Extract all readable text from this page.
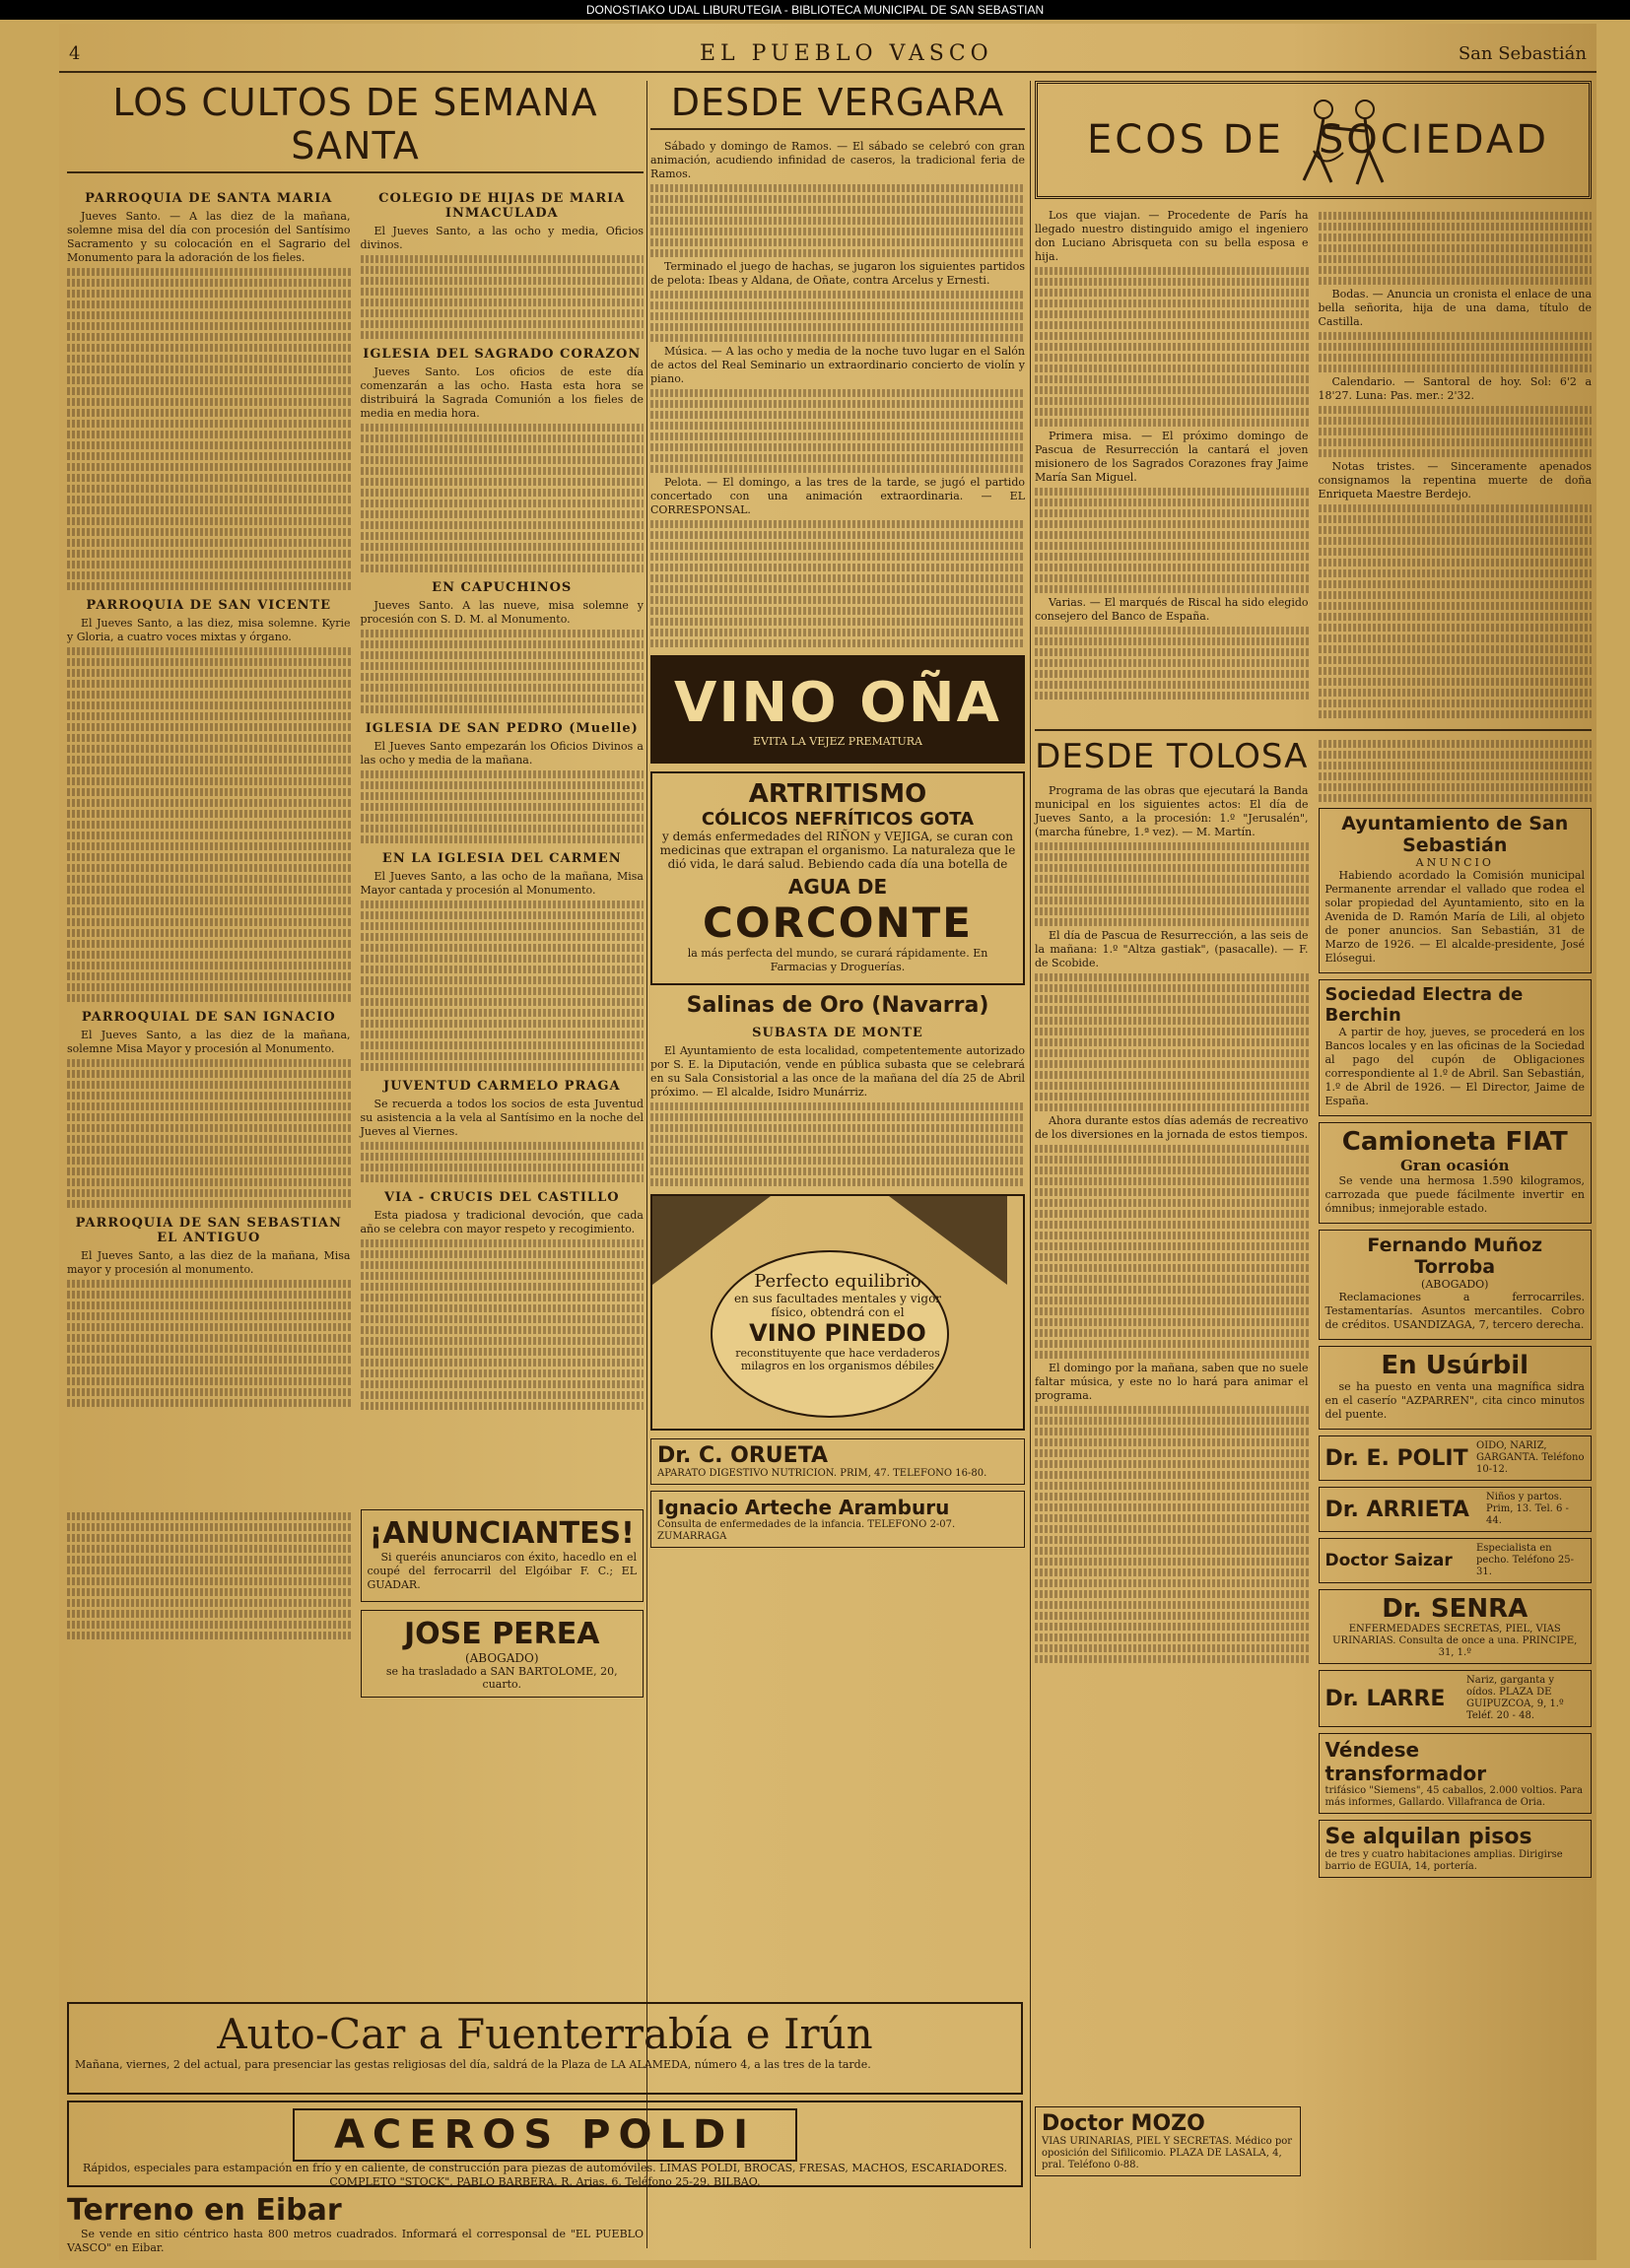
DONOSTIAKO UDAL LIBURUTEGIA - BIBLIOTECA MUNICIPAL DE SAN SEBASTIAN
4	EL PUEBLO VASCO	San Sebastián
LOS CULTOS DE SEMANA SANTA
PARROQUIA DE SANTA MARIA

Jueves Santo. — A las diez de la mañana, solemne misa del día con procesión del Santísimo Sacramento y su colocación en el Sagrario del Monumento para la adoración de los fieles.

PARROQUIA DE SAN VICENTE

El Jueves Santo, a las diez, misa solemne. Kyrie y Gloria, a cuatro voces mixtas y órgano.

PARROQUIAL DE SAN IGNACIO

El Jueves Santo, a las diez de la mañana, solemne Misa Mayor y procesión al Monumento.

PARROQUIA DE SAN SEBASTIAN EL ANTIGUO

El Jueves Santo, a las diez de la mañana, Misa mayor y procesión al monumento.

COLEGIO DE HIJAS DE MARIA INMACULADA

El Jueves Santo, a las ocho y media, Oficios divinos.

IGLESIA DEL SAGRADO CORAZON

Jueves Santo. Los oficios de este día comenzarán a las ocho. Hasta esta hora se distribuirá la Sagrada Comunión a los fieles de media en media hora.

EN CAPUCHINOS

Jueves Santo. A las nueve, misa solemne y procesión con S. D. M. al Monumento.

IGLESIA DE SAN PEDRO (Muelle)

El Jueves Santo empezarán los Oficios Divinos a las ocho y media de la mañana.

EN LA IGLESIA DEL CARMEN

El Jueves Santo, a las ocho de la mañana, Misa Mayor cantada y procesión al Monumento.

JUVENTUD CARMELO PRAGA

Se recuerda a todos los socios de esta Juventud su asistencia a la vela al Santísimo en la noche del Jueves al Viernes.

VIA - CRUCIS DEL CASTILLO

Esta piadosa y tradicional devoción, que cada año se celebra con mayor respeto y recogimiento.

¡ANUNCIANTES!

Si queréis anunciaros con éxito, hacedlo en el coupé del ferrocarril del Elgóibar F. C.; EL GUADAR.

JOSE PEREA
(ABOGADO)
se ha trasladado a SAN BARTOLOME, 20, cuarto.
Auto-Car a Fuenterrabía e Irún

Mañana, viernes, 2 del actual, para presenciar las gestas religiosas del día, saldrá de la Plaza de LA ALAMEDA, número 4, a las tres de la tarde.

ACEROS POLDI

Rápidos, especiales para estampación en frío y en caliente, de construcción para piezas de automóviles. LIMAS POLDI, BROCAS, FRESAS, MACHOS, ESCARIADORES. COMPLETO "STOCK". PABLO BARBERA, R. Arias, 6. Teléfono 25-29. BILBAO.

Terreno en Eibar

Se vende en sitio céntrico hasta 800 metros cuadrados. Informará el corresponsal de "EL PUEBLO VASCO" en Eibar.

DESDE VERGARA

Sábado y domingo de Ramos. — El sábado se celebró con gran animación, acudiendo infinidad de caseros, la tradicional feria de Ramos.

Terminado el juego de hachas, se jugaron los siguientes partidos de pelota: Ibeas y Aldana, de Oñate, contra Arcelus y Ernesti.

Música. — A las ocho y media de la noche tuvo lugar en el Salón de actos del Real Seminario un extraordinario concierto de violín y piano.

Pelota. — El domingo, a las tres de la tarde, se jugó el partido concertado con una animación extraordinaria. — EL CORRESPONSAL.

VINO OÑA
EVITA LA VEJEZ PREMATURA
ARTRITISMO
CÓLICOS NEFRÍTICOS GOTA

y demás enfermedades del RIÑON y VEJIGA, se curan con medicinas que extrapan el organismo. La naturaleza que le dió vida, le dará salud. Bebiendo cada día una botella de

AGUA DE
CORCONTE

la más perfecta del mundo, se curará rápidamente. En Farmacias y Droguerías.

Salinas de Oro (Navarra)
SUBASTA DE MONTE

El Ayuntamiento de esta localidad, competentemente autorizado por S. E. la Diputación, vende en pública subasta que se celebrará en su Sala Consistorial a las once de la mañana del día 25 de Abril próximo. — El alcalde, Isidro Munárriz.

Perfecto equilibrio
en sus facultades mentales y vigor físico, obtendrá con el
VINO PINEDO
reconstituyente que hace verdaderos milagros en los organismos débiles
Dr. C. ORUETA
APARATO DIGESTIVO NUTRICION. PRIM, 47. TELEFONO 16-80.
Ignacio Arteche Aramburu
Consulta de enfermedades de la infancia. TELEFONO 2-07. ZUMARRAGA
ECOS DE SOCIEDAD

Los que viajan. — Procedente de París ha llegado nuestro distinguido amigo el ingeniero don Luciano Abrisqueta con su bella esposa e hija.

Primera misa. — El próximo domingo de Pascua de Resurrección la cantará el joven misionero de los Sagrados Corazones fray Jaime María San Miguel.

Varias. — El marqués de Riscal ha sido elegido consejero del Banco de España.

Bodas. — Anuncia un cronista el enlace de una bella señorita, hija de una dama, título de Castilla.

Calendario. — Santoral de hoy. Sol: 6'2 a 18'27. Luna: Pas. mer.: 2'32.

Notas tristes. — Sinceramente apenados consignamos la repentina muerte de doña Enriqueta Maestre Berdejo.

DESDE TOLOSA

Programa de las obras que ejecutará la Banda municipal en los siguientes actos: El día de Jueves Santo, a la procesión: 1.º "Jerusalén", (marcha fúnebre, 1.ª vez). — M. Martín.

El día de Pascua de Resurrección, a las seis de la mañana: 1.º "Altza gastiak", (pasacalle). — F. de Scobide.

Ahora durante estos días además de recreativo de los diversiones en la jornada de estos tiempos.

El domingo por la mañana, saben que no suele faltar música, y este no lo hará para animar el programa.

Ayuntamiento de San Sebastián
ANUNCIO

Habiendo acordado la Comisión municipal Permanente arrendar el vallado que rodea el solar propiedad del Ayuntamiento, sito en la Avenida de D. Ramón María de Lili, al objeto de poner anuncios. San Sebastián, 31 de Marzo de 1926. — El alcalde-presidente, José Elósegui.

Sociedad Electra de Berchin

A partir de hoy, jueves, se procederá en los Bancos locales y en las oficinas de la Sociedad al pago del cupón de Obligaciones correspondiente al 1.º de Abril. San Sebastián, 1.º de Abril de 1926. — El Director, Jaime de España.

Camioneta FIAT
Gran ocasión

Se vende una hermosa 1.590 kilogramos, carrozada que puede fácilmente invertir en ómnibus; inmejorable estado.

Fernando Muñoz Torroba
(ABOGADO)

Reclamaciones a ferrocarriles. Testamentarías. Asuntos mercantiles. Cobro de créditos. USANDIZAGA, 7, tercero derecha.

En Usúrbil

se ha puesto en venta una magnífica sidra en el caserío "AZPARREN", cita cinco minutos del puente.

Dr. E. POLIT OIDO, NARIZ, GARGANTA. Teléfono 10-12.
Dr. ARRIETA Niños y partos. Prim, 13. Tel. 6 - 44.
Doctor Saizar
Especialista en pecho. Teléfono 25-31.
Dr. SENRA
ENFERMEDADES SECRETAS, PIEL, VIAS URINARIAS. Consulta de once a una. PRINCIPE, 31, 1.º
Dr. LARRE
Nariz, garganta y oídos. PLAZA DE GUIPUZCOA, 9, 1.º Teléf. 20 - 48.
Véndese transformador
trifásico "Siemens", 45 caballos, 2.000 voltios. Para más informes, Gallardo. Villafranca de Oria.
Se alquilan pisos
de tres y cuatro habitaciones amplias. Dirigirse barrio de EGUIA, 14, portería.
Doctor MOZO
VIAS URINARIAS, PIEL Y SECRETAS. Médico por oposición del Sifilicomio. PLAZA DE LASALA, 4, pral. Teléfono 0-88.
